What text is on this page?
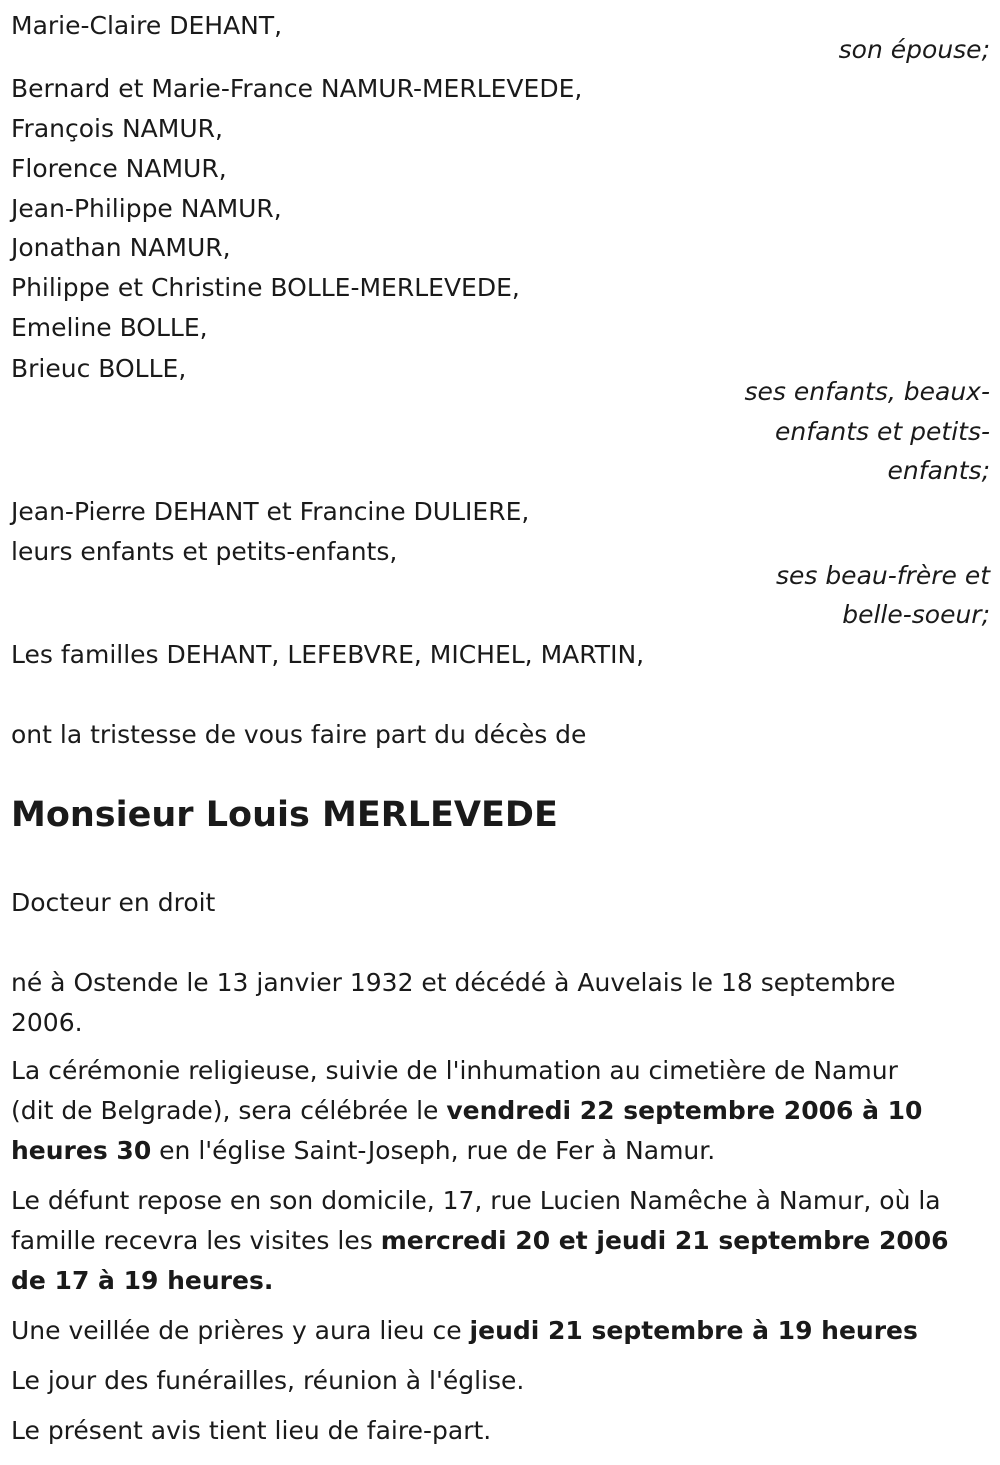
Marie-Claire DEHANT,
son épouse;
Bernard et Marie-France NAMUR-MERLEVEDE,
François NAMUR,
Florence NAMUR,
Jean-Philippe NAMUR,
Jonathan NAMUR,
Philippe et Christine BOLLE-MERLEVEDE,
Emeline BOLLE,
Brieuc BOLLE,
ses enfants, beaux-
enfants et petits-
enfants;
Jean-Pierre DEHANT et Francine DULIERE,
leurs enfants et petits-enfants,
ses beau-frère et
belle-soeur;
Les familles DEHANT, LEFEBVRE, MICHEL, MARTIN,
ont la tristesse de vous faire part du décès de
Monsieur Louis MERLEVEDE
Docteur en droit
né à Ostende le 13 janvier 1932 et décédé à Auvelais le 18 septembre
2006.
La cérémonie religieuse, suivie de l'inhumation au cimetière de Namur
(dit de Belgrade), sera célébrée le vendredi 22 septembre 2006 à 10
heures 30 en l'église Saint-Joseph, rue de Fer à Namur.
Le défunt repose en son domicile, 17, rue Lucien Namêche à Namur, où la
famille recevra les visites les mercredi 20 et jeudi 21 septembre 2006
de 17 à 19 heures.
Une veillée de prières y aura lieu ce jeudi 21 septembre à 19 heures
Le jour des funérailles, réunion à l'église.
Le présent avis tient lieu de faire-part.
